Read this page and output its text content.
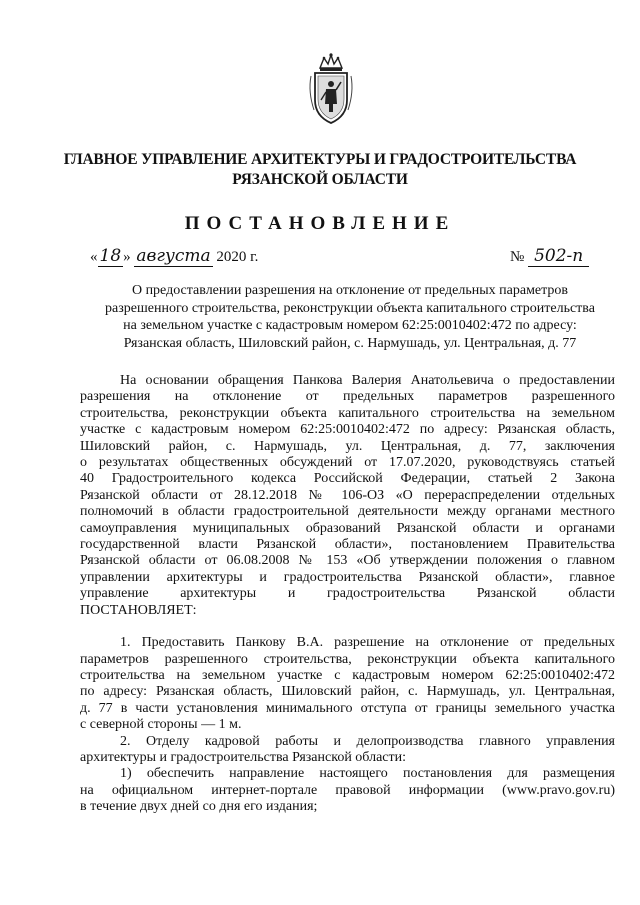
ГЛАВНОЕ УПРАВЛЕНИЕ АРХИТЕКТУРЫ И ГРАДОСТРОИТЕЛЬСТВА
РЯЗАНСКОЙ ОБЛАСТИ
ПОСТАНОВЛЕНИЕ
« 18 » августа 2020 г.	№ 502-п
О предоставлении разрешения на отклонение от предельных параметров
разрешенного строительства, реконструкции объекта капитального строительства
на земельном участке с кадастровым номером 62:25:0010402:472 по адресу:
Рязанская область, Шиловский район, с. Нармушадь, ул. Центральная, д. 77
На основании обращения Панкова Валерия Анатольевича о предоставлении
разрешения на отклонение от предельных параметров разрешенного
строительства, реконструкции объекта капитального строительства на земельном
участке с кадастровым номером 62:25:0010402:472 по адресу: Рязанская область,
Шиловский район, с. Нармушадь, ул. Центральная, д. 77, заключения
о результатах общественных обсуждений от 17.07.2020, руководствуясь статьей
40 Градостроительного кодекса Российской Федерации, статьей 2 Закона
Рязанской области от 28.12.2018 № 106-ОЗ «О перераспределении отдельных
полномочий в области градостроительной деятельности между органами местного
самоуправления муниципальных образований Рязанской области и органами
государственной власти Рязанской области», постановлением Правительства
Рязанской области от 06.08.2008 № 153 «Об утверждении положения о главном
управлении архитектуры и градостроительства Рязанской области», главное
управление архитектуры и градостроительства Рязанской области
ПОСТАНОВЛЯЕТ:
1. Предоставить Панкову В.А. разрешение на отклонение от предельных
параметров разрешенного строительства, реконструкции объекта капитального
строительства на земельном участке с кадастровым номером 62:25:0010402:472
по адресу: Рязанская область, Шиловский район, с. Нармушадь, ул. Центральная,
д. 77 в части установления минимального отступа от границы земельного участка
с северной стороны — 1 м.
2. Отделу кадровой работы и делопроизводства главного управления
архитектуры и градостроительства Рязанской области:
1) обеспечить направление настоящего постановления для размещения
на официальном интернет-портале правовой информации (www.pravo.gov.ru)
в течение двух дней со дня его издания;
